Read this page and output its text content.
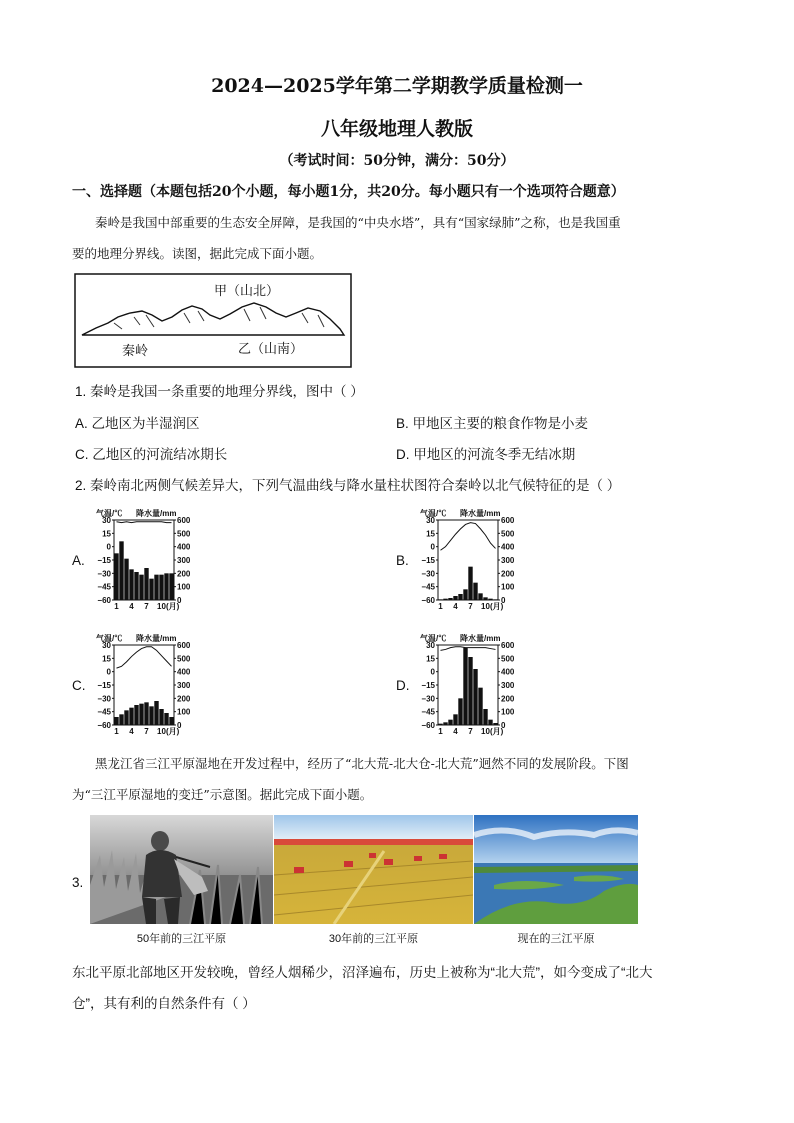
2024—2025学年第二学期教学质量检测一
八年级地理人教版
（考试时间：50分钟，满分：50分）
一、选择题（本题包括20个小题，每小题1分，共20分。每小题只有一个选项符合题意）
秦岭是我国中部重要的生态安全屏障，是我国的“中央水塔”，具有“国家绿肺”之称，也是我国重
要的地理分界线。读图，据此完成下面小题。
甲（山北）
秦岭	乙（山南）
1. 秦岭是我国一条重要的地理分界线，图中（ ）
A. 乙地区为半湿润区	B. 甲地区主要的粮食作物是小麦
C. 乙地区的河流结冰期长	D. 甲地区的河流冬季无结冰期
2. 秦岭南北两侧气候差异大，下列气温曲线与降水量柱状图符合秦岭以北气候特征的是（ ）
A.	B.
C.	D.
气温/℃ 降水量/mm
30
15
0
−15
−30
−45
−60
600
500
400
300
200
100
0
1 4 7 10 (月)
气温/℃ 降水量/mm
30
15
0
−15
−30
−45
−60
600
500
400
300
200
100
0
1 4 7 10 (月)
气温/℃ 降水量/mm
30
15
0
−15
−30
−45
−60
600
500
400
300
200
100
0
1 4 7 10 (月)
气温/℃ 降水量/mm
30
15
0
−15
−30
−45
−60
600
500
400
300
200
100
0
1 4 7 10 (月)
黑龙江省三江平原湿地在开发过程中，经历了“北大荒-北大仓-北大荒”迥然不同的发展阶段。下图
为“三江平原湿地的变迁”示意图。据此完成下面小题。
3.
50年前的三江平原	30年前的三江平原	现在的三江平原
东北平原北部地区开发较晚，曾经人烟稀少，沼泽遍布，历史上被称为“北大荒”，如今变成了“北大
仓”，其有利的自然条件有（ ）
